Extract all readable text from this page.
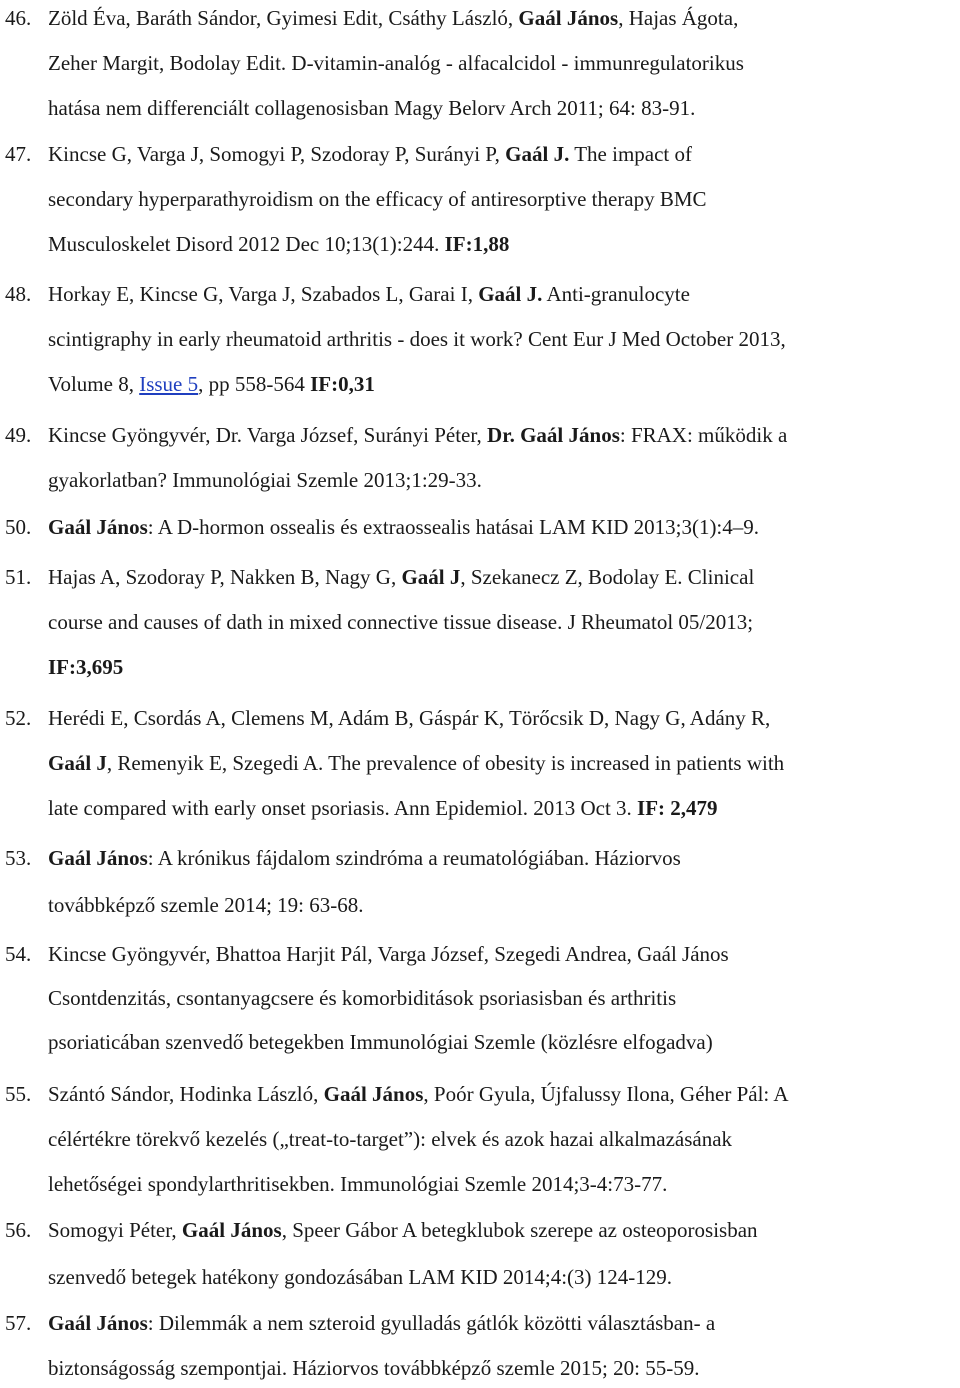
46. Zöld Éva, Baráth Sándor, Gyimesi Edit, Csáthy László, Gaál János, Hajas Ágota,
Zeher Margit, Bodolay Edit. D-vitamin-analóg - alfacalcidol - immunregulatorikus
hatása nem differenciált collagenosisban Magy Belorv Arch 2011; 64: 83-91.
47. Kincse G, Varga J, Somogyi P, Szodoray P, Surányi P, Gaál J. The impact of
secondary hyperparathyroidism on the efficacy of antiresorptive therapy BMC
Musculoskelet Disord 2012 Dec 10;13(1):244. IF:1,88
48. Horkay E, Kincse G, Varga J, Szabados L, Garai I, Gaál J. Anti-granulocyte
scintigraphy in early rheumatoid arthritis - does it work? Cent Eur J Med October 2013,
Volume 8, Issue 5, pp 558-564 IF:0,31
49. Kincse Gyöngyvér, Dr. Varga József, Surányi Péter, Dr. Gaál János: FRAX: működik a
gyakorlatban? Immunológiai Szemle 2013;1:29-33.
50. Gaál János: A D-hormon ossealis és extraossealis hatásai LAM KID 2013;3(1):4–9.
51. Hajas A, Szodoray P, Nakken B, Nagy G, Gaál J, Szekanecz Z, Bodolay E. Clinical
course and causes of dath in mixed connective tissue disease. J Rheumatol 05/2013;
IF:3,695
52. Herédi E, Csordás A, Clemens M, Adám B, Gáspár K, Törőcsik D, Nagy G, Adány R,
Gaál J, Remenyik E, Szegedi A. The prevalence of obesity is increased in patients with
late compared with early onset psoriasis. Ann Epidemiol. 2013 Oct 3. IF: 2,479
53. Gaál János: A krónikus fájdalom szindróma a reumatológiában. Háziorvos
továbbképző szemle 2014; 19: 63-68.
54. Kincse Gyöngyvér, Bhattoa Harjit Pál, Varga József, Szegedi Andrea, Gaál János
Csontdenzitás, csontanyagcsere és komorbiditások psoriasisban és arthritis
psoriaticában szenvedő betegekben Immunológiai Szemle (közlésre elfogadva)
55. Szántó Sándor, Hodinka László, Gaál János, Poór Gyula, Újfalussy Ilona, Géher Pál: A
célértékre törekvő kezelés („treat-to-target”): elvek és azok hazai alkalmazásának
lehetőségei spondylarthritisekben. Immunológiai Szemle 2014;3-4:73-77.
56. Somogyi Péter, Gaál János, Speer Gábor A betegklubok szerepe az osteoporosisban
szenvedő betegek hatékony gondozásában LAM KID 2014;4:(3) 124-129.
57. Gaál János: Dilemmák a nem szteroid gyulladás gátlók közötti választásban- a
biztonságosság szempontjai. Háziorvos továbbképző szemle 2015; 20: 55-59.
